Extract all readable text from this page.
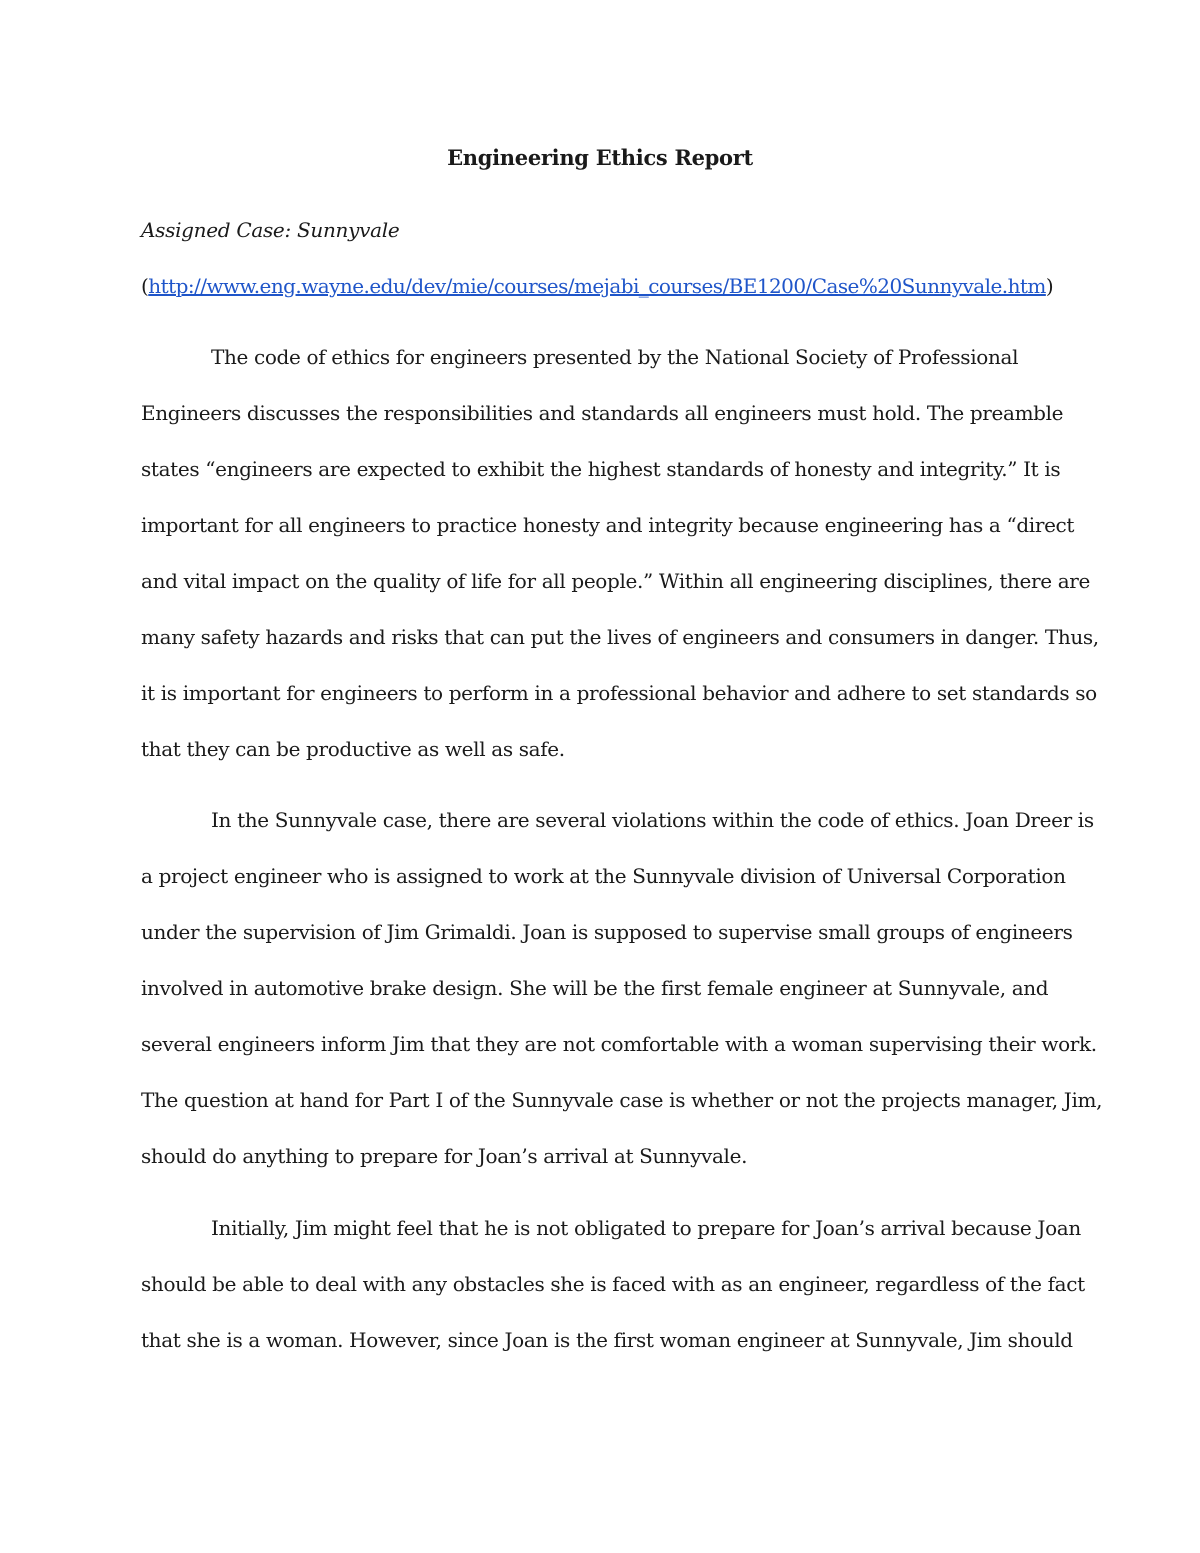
Engineering Ethics Report
Assigned Case: Sunnyvale
(http://www.eng.wayne.edu/dev/mie/courses/mejabi_courses/BE1200/Case%20Sunnyvale.htm)
The code of ethics for engineers presented by the National Society of Professional
Engineers discusses the responsibilities and standards all engineers must hold. The preamble
states “engineers are expected to exhibit the highest standards of honesty and integrity.” It is
important for all engineers to practice honesty and integrity because engineering has a “direct
and vital impact on the quality of life for all people.” Within all engineering disciplines, there are
many safety hazards and risks that can put the lives of engineers and consumers in danger. Thus,
it is important for engineers to perform in a professional behavior and adhere to set standards so
that they can be productive as well as safe.
In the Sunnyvale case, there are several violations within the code of ethics. Joan Dreer is
a project engineer who is assigned to work at the Sunnyvale division of Universal Corporation
under the supervision of Jim Grimaldi. Joan is supposed to supervise small groups of engineers
involved in automotive brake design. She will be the first female engineer at Sunnyvale, and
several engineers inform Jim that they are not comfortable with a woman supervising their work.
The question at hand for Part I of the Sunnyvale case is whether or not the projects manager, Jim,
should do anything to prepare for Joan’s arrival at Sunnyvale.
Initially, Jim might feel that he is not obligated to prepare for Joan’s arrival because Joan
should be able to deal with any obstacles she is faced with as an engineer, regardless of the fact
that she is a woman. However, since Joan is the first woman engineer at Sunnyvale, Jim should
